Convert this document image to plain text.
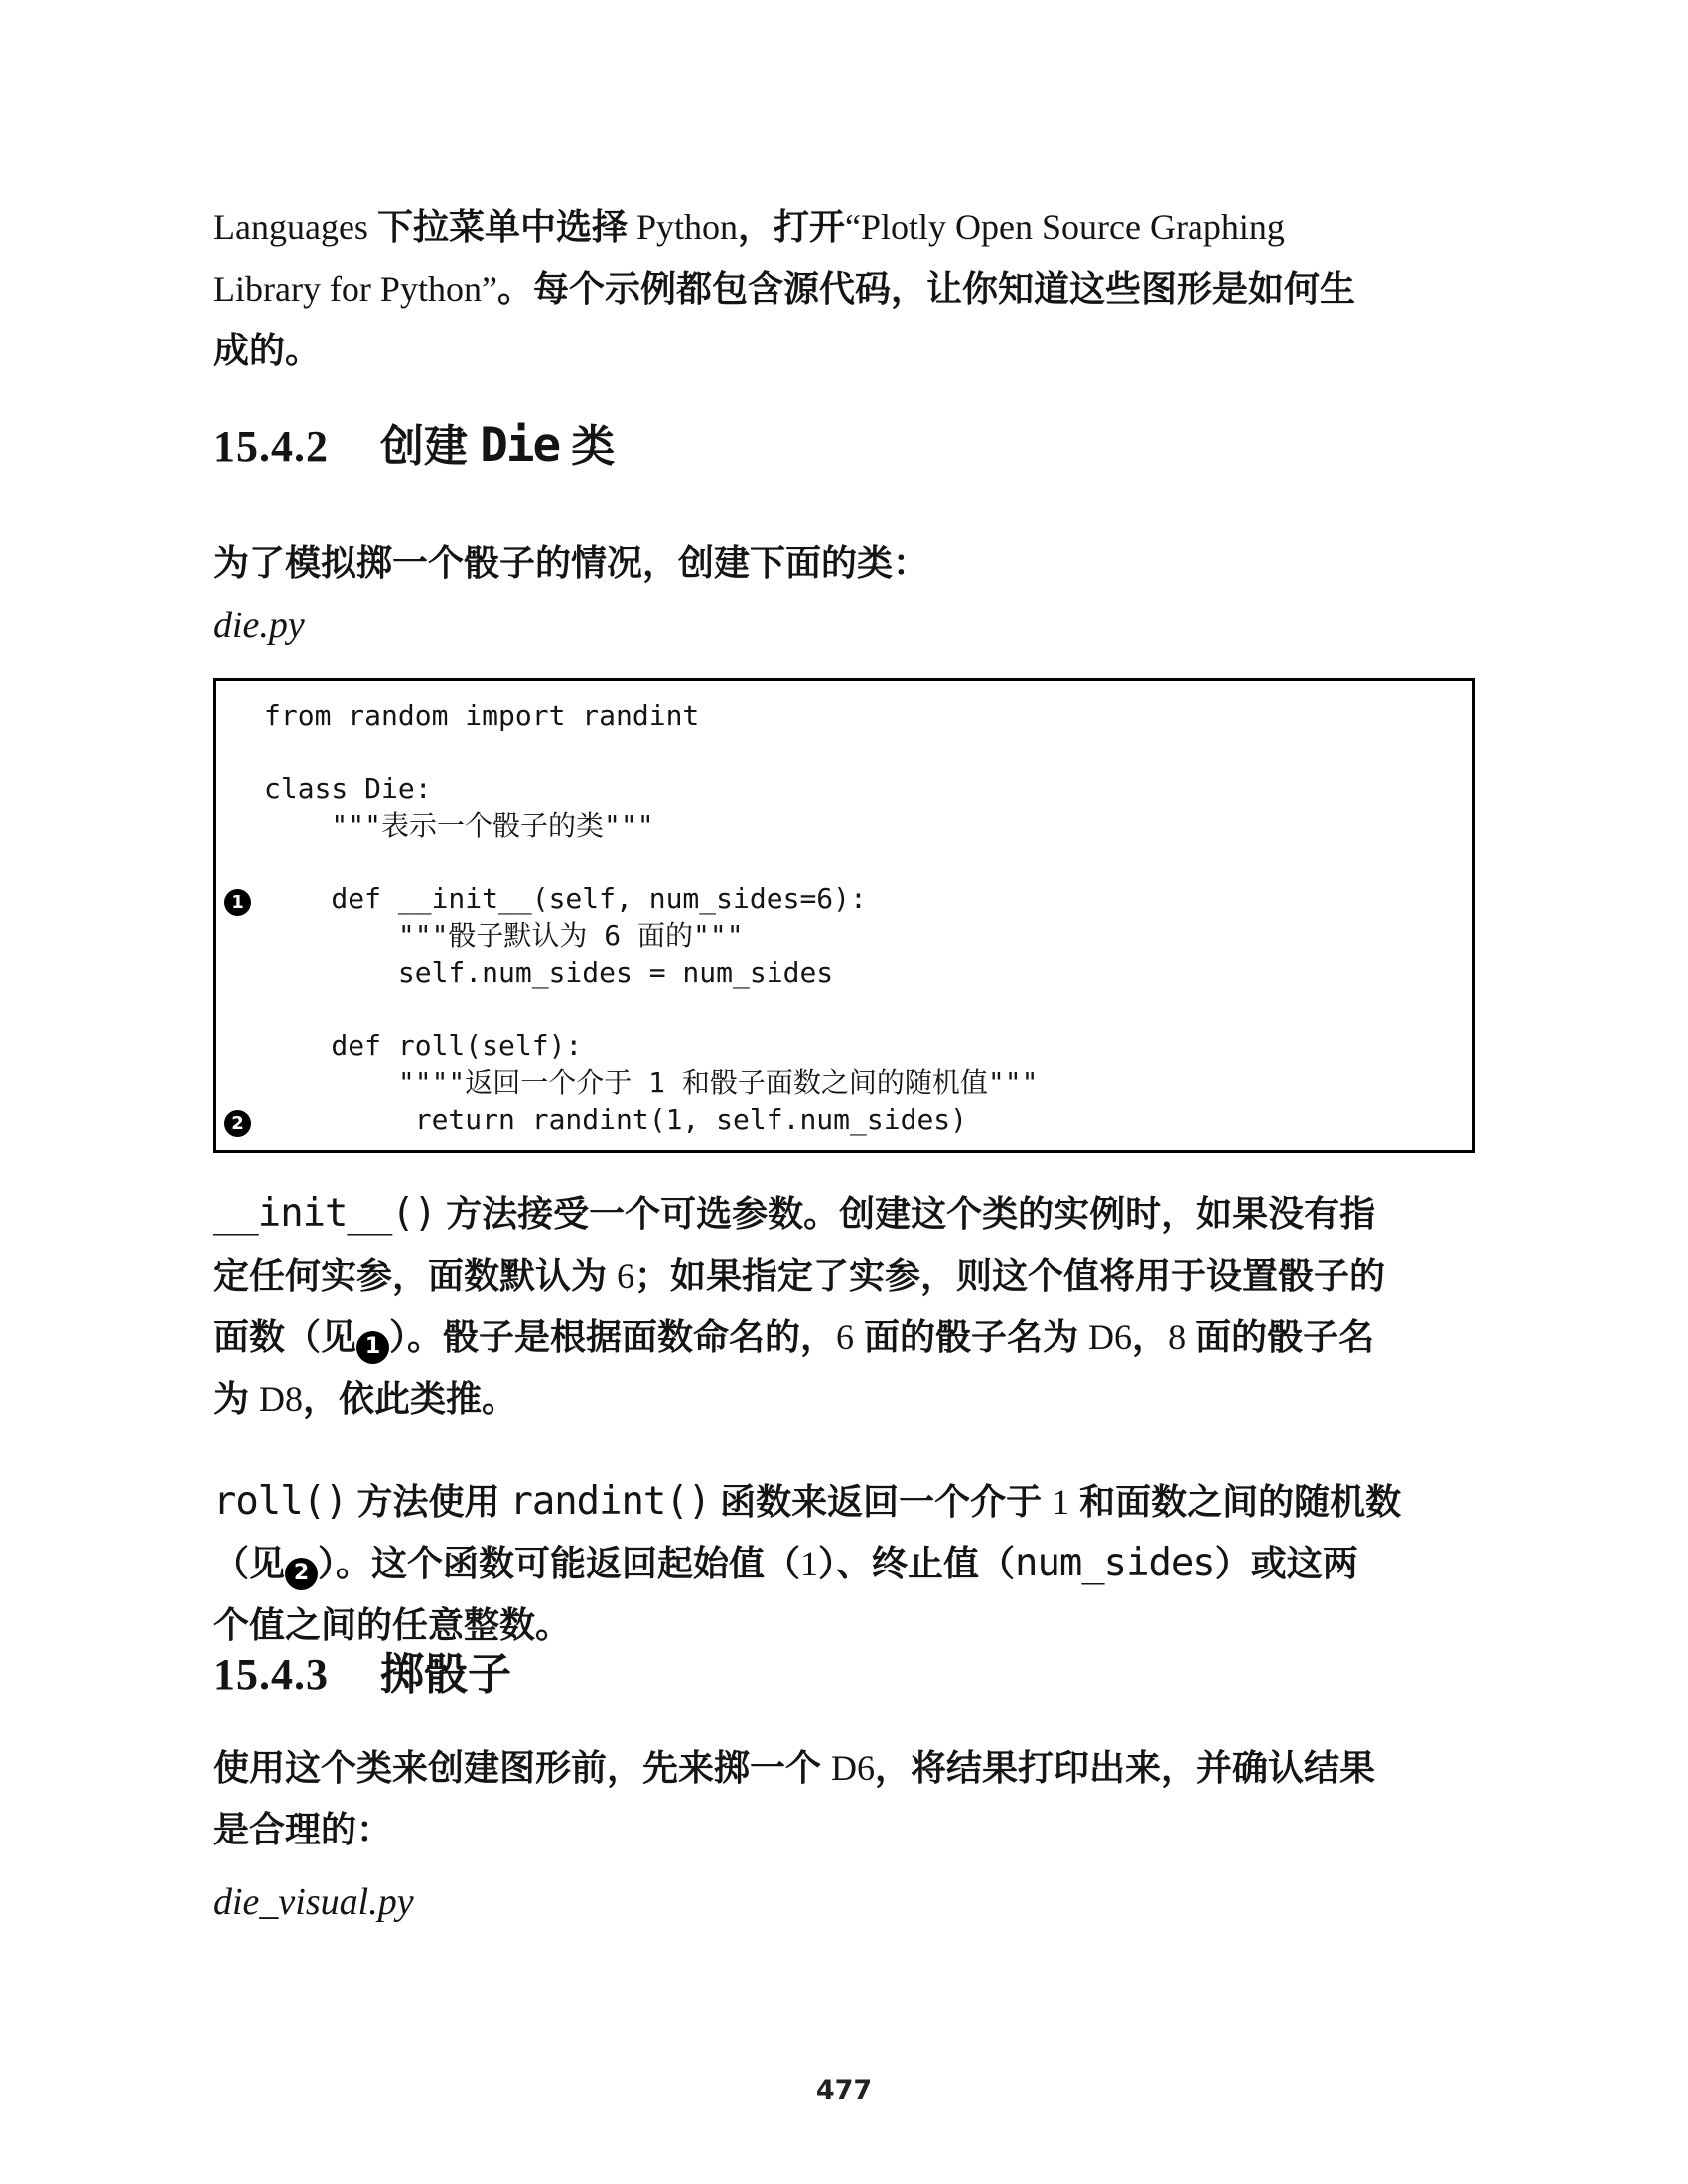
Languages 下拉菜单中选择 Python，打开“Plotly Open Source Graphing
Library for Python”。每个示例都包含源代码，让你知道这些图形是如何生
成的。
15.4.2 创建 Die 类
为了模拟掷一个骰子的情况，创建下面的类：
die.py
from random import randint

class Die:
"""表示一个骰子的类"""

1 def __init__(self, num_sides=6):
"""骰子默认为 6 面的"""
self.num_sides = num_sides

def roll(self):
""""返回一个介于 1 和骰子面数之间的随机值"""
2 return randint(1, self.num_sides)
__init__() 方法接受一个可选参数。创建这个类的实例时，如果没有指
定任何实参，面数默认为 6；如果指定了实参，则这个值将用于设置骰子的
面数（见 1 ）。骰子是根据面数命名的，6 面的骰子名为 D6，8 面的骰子名
为 D8，依此类推。
roll() 方法使用 randint() 函数来返回一个介于 1 和面数之间的随机数
（见 2 ）。这个函数可能返回起始值（1）、终止值（num_sides）或这两
个值之间的任意整数。
15.4.3 掷骰子
使用这个类来创建图形前，先来掷一个 D6，将结果打印出来，并确认结果
是合理的：
die_visual.py
477
